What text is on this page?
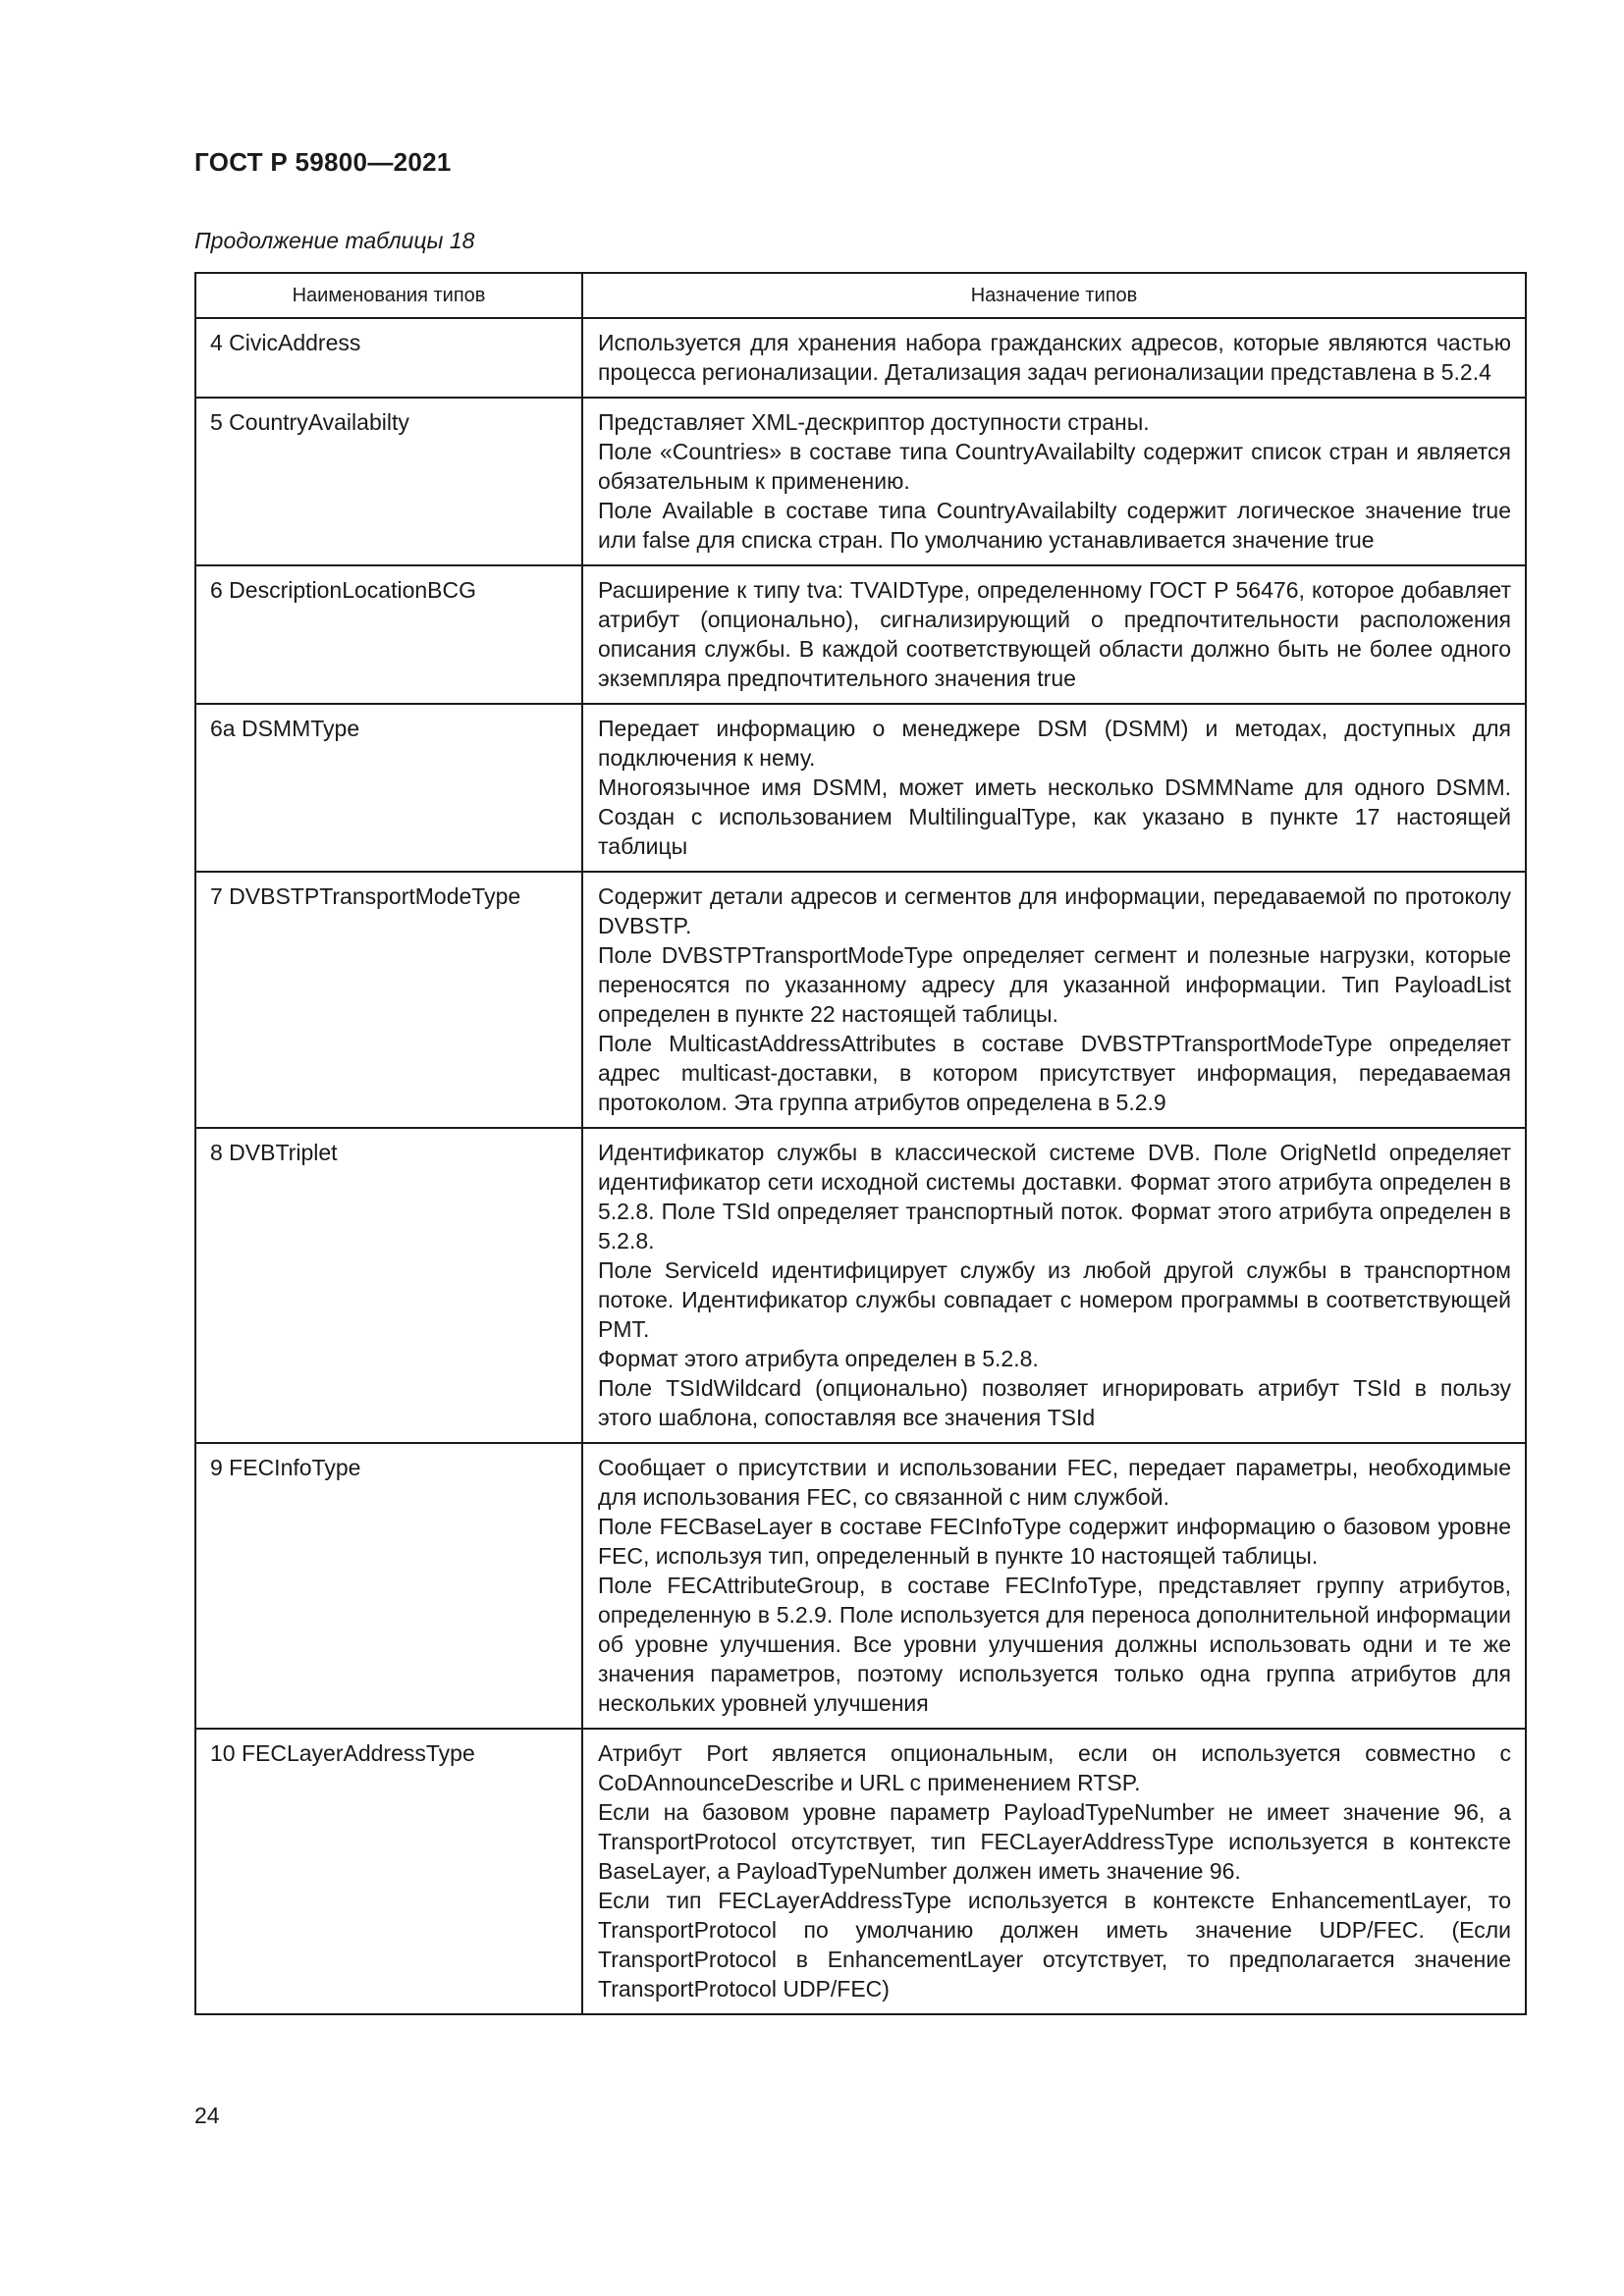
ГОСТ Р 59800—2021
Продолжение таблицы 18
Наименования типов	Назначение типов
4 CivicAddress	Используется для хранения набора гражданских адресов, которые являются частью процесса регионализации. Детализация задач регионализации представлена в 5.2.4

5 CountryAvailabilty	Представляет XML-дескриптор доступности страны.
Поле «Countries» в составе типа CountryAvailabilty содержит список стран и является обязательным к применению.
Поле Available в составе типа CountryAvailabilty содержит логическое значение true или false для списка стран. По умолчанию устанавливается значение true

6 DescriptionLocationBCG	Расширение к типу tva: TVAIDType, определенному ГОСТ Р 56476, которое добавляет атрибут (опционально), сигнализирующий о предпочтительности расположения описания службы. В каждой соответствующей области должно быть не более одного экземпляра предпочтительного значения true

6a DSMMType	Передает информацию о менеджере DSM (DSMM) и методах, доступных для подключения к нему.
Многоязычное имя DSMM, может иметь несколько DSMMName для одного DSMM. Создан с использованием MultilingualType, как указано в пункте 17 настоящей таблицы

7 DVBSTPTransportModeType	Содержит детали адресов и сегментов для информации, передаваемой по протоколу DVBSTP.
Поле DVBSTPTransportModeType определяет сегмент и полезные нагрузки, которые переносятся по указанному адресу для указанной информации. Тип PayloadList определен в пункте 22 настоящей таблицы.
Поле MulticastAddressAttributes в составе DVBSTPTransportModeType определяет адрес multicast-доставки, в котором присутствует информация, передаваемая протоколом. Эта группа атрибутов определена в 5.2.9

8 DVBTriplet	Идентификатор службы в классической системе DVB. Поле OrigNetId определяет идентификатор сети исходной системы доставки. Формат этого атрибута определен в 5.2.8. Поле TSId определяет транспортный поток. Формат этого атрибута определен в 5.2.8.
Поле ServiceId идентифицирует службу из любой другой службы в транспортном потоке. Идентификатор службы совпадает с номером программы в соответствующей PMT.
Формат этого атрибута определен в 5.2.8.
Поле TSIdWildcard (опционально) позволяет игнорировать атрибут TSId в пользу этого шаблона, сопоставляя все значения TSId

9 FECInfoType	Сообщает о присутствии и использовании FEC, передает параметры, необходимые для использования FEC, со связанной с ним службой.
Поле FECBaseLayer в составе FECInfoType содержит информацию о базовом уровне FEC, используя тип, определенный в пункте 10 настоящей таблицы.
Поле FECAttributeGroup, в составе FECInfoType, представляет группу атрибутов, определенную в 5.2.9. Поле используется для переноса дополнительной информации об уровне улучшения. Все уровни улучшения должны использовать одни и те же значения параметров, поэтому используется только одна группа атрибутов для нескольких уровней улучшения

10 FECLayerAddressType	Атрибут Port является опциональным, если он используется совместно с CoDAnnounceDescribe и URL с применением RTSP.
Если на базовом уровне параметр PayloadTypeNumber не имеет значение 96, а TransportProtocol отсутствует, тип FECLayerAddressType используется в контексте BaseLayer, а PayloadTypeNumber должен иметь значение 96.
Если тип FECLayerAddressType используется в контексте EnhancementLayer, то TransportProtocol по умолчанию должен иметь значение UDP/FEC. (Если TransportProtocol в EnhancementLayer отсутствует, то предполагается значение TransportProtocol UDP/FEC)
24
